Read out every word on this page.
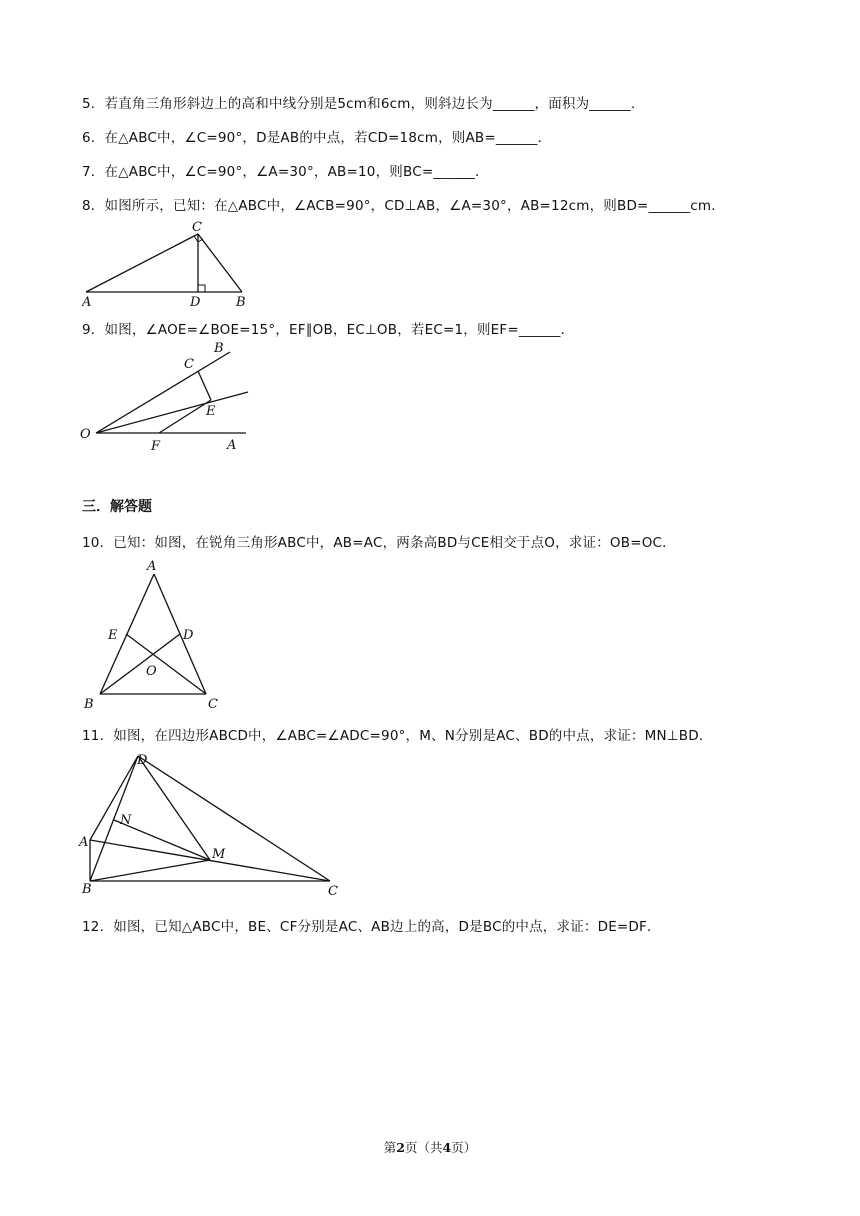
5．若直角三角形斜边上的高和中线分别是5cm和6cm，则斜边长为______，面积为______．
6．在△ABC中，∠C=90°，D是AB的中点，若CD=18cm，则AB=______．
7．在△ABC中，∠C=90°，∠A=30°，AB=10，则BC=______．
8．如图所示，已知：在△ABC中，∠ACB=90°，CD⊥AB，∠A=30°，AB=12cm，则BD=______cm．
A	B
C
D
9．如图，∠AOE=∠BOE=15°，EF∥OB，EC⊥OB，若EC=1，则EF=______．
O
A
B
C
E
F
三．解答题
10．已知：如图，在锐角三角形ABC中，AB=AC，两条高BD与CE相交于点O，求证：OB=OC．
A
B	C
D
E
O
11．如图，在四边形ABCD中，∠ABC=∠ADC=90°，M、N分别是AC、BD的中点，求证：MN⊥BD．
D
A
B	C
N
M
12．如图，已知△ABC中，BE、CF分别是AC、AB边上的高，D是BC的中点，求证：DE=DF．
第2页（共4页）
